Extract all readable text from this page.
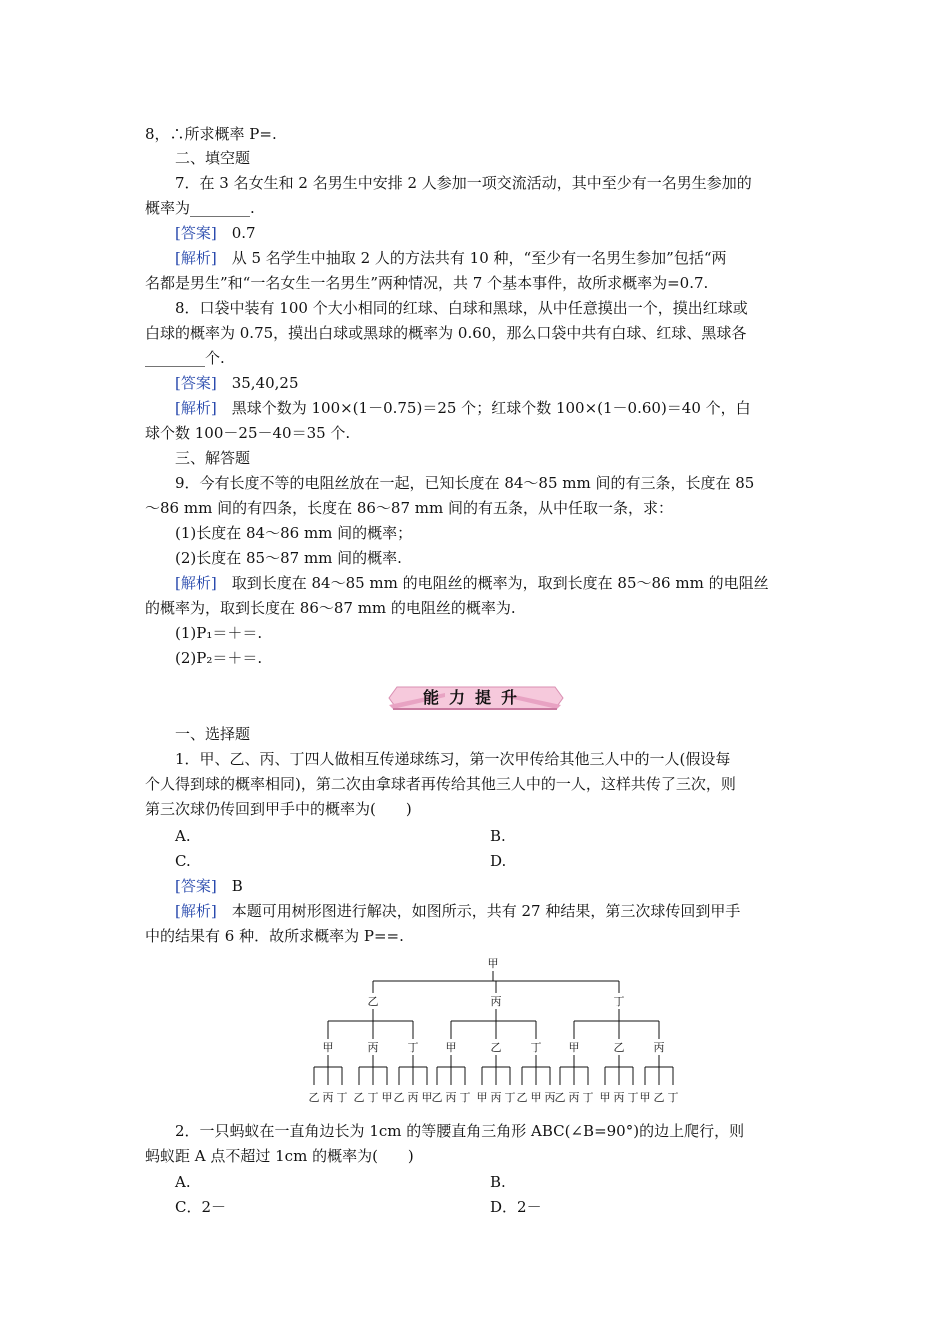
8，∴所求概率 P=.
二、填空题
7．在 3 名女生和 2 名男生中安排 2 人参加一项交流活动，其中至少有一名男生参加的
概率为________.
[答案]　0.7
[解析]　从 5 名学生中抽取 2 人的方法共有 10 种，“至少有一名男生参加”包括“两
名都是男生”和“一名女生一名男生”两种情况，共 7 个基本事件，故所求概率为=0.7.
8．口袋中装有 100 个大小相同的红球、白球和黑球，从中任意摸出一个，摸出红球或
白球的概率为 0.75，摸出白球或黑球的概率为 0.60，那么口袋中共有白球、红球、黑球各
________个.
[答案]　35,40,25
[解析]　黑球个数为 100×(1－0.75)＝25 个；红球个数 100×(1－0.60)＝40 个，白
球个数 100－25－40＝35 个.
三、解答题
9．今有长度不等的电阻丝放在一起，已知长度在 84～85 mm 间的有三条，长度在 85
～86 mm 间的有四条，长度在 86～87 mm 间的有五条，从中任取一条，求：
(1)长度在 84～86 mm 间的概率；
(2)长度在 85～87 mm 间的概率.
[解析]　取到长度在 84～85 mm 的电阻丝的概率为，取到长度在 85～86 mm 的电阻丝
的概率为，取到长度在 86～87 mm 的电阻丝的概率为.
(1)P₁＝＋＝.
(2)P₂＝＋＝.
能力提升
一、选择题
1．甲、乙、丙、丁四人做相互传递球练习，第一次甲传给其他三人中的一人(假设每
个人得到球的概率相同)，第二次由拿球者再传给其他三人中的一人，这样共传了三次，则
第三次球仍传回到甲手中的概率为(　　)
A.	B.
C.	D.
[答案]　B
[解析]　本题可用树形图进行解决，如图所示，共有 27 种结果，第三次球传回到甲手
中的结果有 6 种．故所求概率为 P==.
甲
乙
甲
乙 丙 丁
丙
乙 丁 甲
丁
乙 丙 甲
丙
甲
乙 丙 丁
乙
甲 丙 丁
丁
乙 甲 丙
丁
甲
乙 丙 丁
乙
甲 丙 丁
丙
甲 乙 丁
2．一只蚂蚁在一直角边长为 1cm 的等腰直角三角形 ABC(∠B=90°)的边上爬行，则
蚂蚁距 A 点不超过 1cm 的概率为(　　)
A.	B.
C．2－	D．2－
